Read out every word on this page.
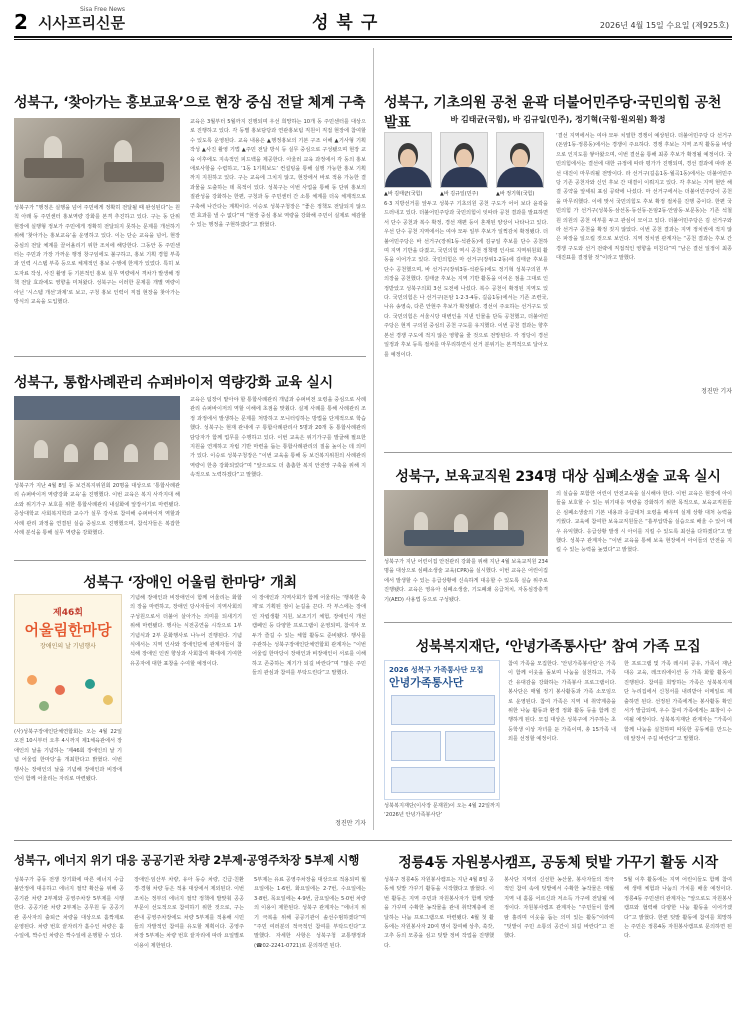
2 시사프리신문
Sisa Free News
성북구	2026년 4월 15일 수요일 (제925호)
성북구, ‘찾아가는 홍보교육’으로 현장 중심 전달 체계 구축
성북구가 “행정은 실행을 넘어 주민에게 정확히 전달될 때 완성된다”는 원칙 아래 동 주민센터 홍보역량 강화를 본격 추진하고 있다. 구는 동 단위 현장에 실행형 정보가 주민에게 정확히 전달되지 못하는 문제를 개선하기 위해 ‘찾아가는 홍보교육’을 운영하고 있다. 이는 단순 교육을 넘어, 현장 중심의 전달 체계를 끌어올리기 위한 조치에 해당한다. 그동안 동 주민센터는 주민과 가장 가까운 행정 창구임에도 불구하고, 홍보 기획 경험 부족과 인력 시스템 부족 등으로 체계적인 홍보 수행에 한계가 있었다. 특히 보도자료 작성, 사진 촬영 등 기본적인 홍보 실무 역량에서 격차가 발생해 정책 전달 효과에도 영향을 미쳐왔다. 성북구는 이러한 문제를 개별 역량이 아닌 ‘시스템 개선’과제’로 보고, 구청 홍보 인력이 직접 현장을 찾아가는 방식의 교육을 도입했다.
교육은 3월부터 5월까지 진행되며 우선 희망하는 10개 동 주민센터를 대상으로 진행하고 있다. 각 동별 홍보담당과 연관홍보팀 직원이 직접 현장에 참여할 수 있도록 운영된다. 교육 내용은 ▲행정홍보의 기본 구조 이해 ▲기사형 기획 작성 ▲사진 촬영 기법 ▲주민 전달 방식 등 실무 중심으로 구성됐으며 현장 교육 이후에도 지속적인 피드백을 제공한다. 아울러 교육 과정에서 각 동의 홍보 애로사항을 수렴하고, ‘1동 1기획보도’ 컨설팅을 통해 실행 가능한 홍보 기획까지 지원하고 있다. 구는 교육에 그치지 않고, 현장에서 바로 적용 가능한 결과물을 도출하는 데 목적이 있다. 성북구는 이번 사업을 통해 동 단위 홍보의 질관성을 강화하는 한편, 구청과 동 주민센터 간 소통 체계를 더욱 체계적으로 구축해 나간다는 계획이다. 이승로 성북구청장은 “좋은 정책도 전달되지 않으면 효과를 낼 수 없다”며 “현장 중심 홍보 역량을 강화해 주민이 실제로 체감할 수 있는 행정을 구현하겠다”고 밝혔다.
성북구, 통합사례관리 슈퍼바이저 역량강화 교육 실시
성북구가 지난 4월 8일 동 보건복지위원회 20명을 대상으로 ‘통합사례관리 슈퍼바이저 역량강화 교육’을 진행했다. 이번 교육은 복지 사각지대 해소와 위기가구 보호를 위한 통합사례관리 내실화에 앞장서기로 마련됐다. 증상대학교 사회복지학과 교수가 실무 강사로 참여해 슈퍼바이저 역할과 사례 관리 과정을 연결된 실습 중심으로 진행했으며, 참석자들은 복잡한 사례 분석을 통해 실무 역량을 강화했다.
교육은 팀장이 맡아야 할 통합사례관리 개념과 슈퍼비전 요령을 중심으로 사례관리 슈퍼바이저의 역할 이해에 초점을 맞췄다. 실제 사례를 통해 사례관리 조정 과정에서 발생하는 문제를 처방하고 모니터링하는 방법을 단계적으로 학습했다. 성북구는 현재 관내에 구 통합사례관리사 5명과 20개 동 통합사례관리 담당자가 함께 업무를 수행하고 있다. 이번 교육은 위기가구를 발굴해 필요한 지원을 연계하고 자립 기반 마련을 돕는 통합사례관리의 질을 높이는 데 의미가 있다. 이승로 성북구청장은 “이번 교육을 통해 동 보건복지위원의 사례관리 역량이 한층 강화되었다”며 “앞으로도 더 촘촘한 복지 안전망 구축을 위해 지속적으로 노력하겠다”고 말했다.
성북구 ‘장애인 어울림 한마당’ 개최
제46회
어울림한마당
장애인의 날 기념행사
(사)성북구장애인단체연합회는 오는 4월 22일 오전 10시부터 오후 4시까지 제1체육관에서 장애인의 날을 기념하는 ‘제46회 장애인의 날 기념 어울림 한마당’을 개최한다고 밝혔다. 이번 행사는 장애인의 날을 기념해 장애인과 비장애인이 함께 어울리는 자리로 마련됐다.
기념해 장애인과 비장애인이 함께 어울리는 화합의 장을 마련하고, 장애인 당사자들이 지역사회의 구성원으로서 더불어 살아가는 의미를 되새기기 위해 마련됐다. 행사는 식전공연을 시작으로 1부 기념식과 2부 문화행사로 나누어 진행된다. 기념식에서는 지역 인사와 장애인단체 관계자들이 참석해 장애인 인권 향상과 사회참여 확대에 기여한 유공자에 대한 표창을 수여할 예정이다.
이 장애인과 지역사회가 함께 어울리는 ‘행복한 축제’로 기획된 점이 눈길을 끈다. 각 부스에는 장애인 자립생활 지원, 보조기기 체험, 장애인식 개선 캠페인 등 다양한 프로그램이 운영되며, 참여자 모두가 즐길 수 있는 체험 활동도 준비됐다. 행사를 주관하는 성북구장애인단체연합회 관계자는 “이번 어울림 한마당이 장애인과 비장애인이 서로를 이해하고 존중하는 계기가 되길 바란다”며 “많은 주민들의 관심과 참여를 부탁드린다”고 말했다.
정진만 기자
성북구, 기초의원 공천 윤곽 더불어민주당·국민의힘 공천 발표	바 김태균(국힘), 바 김규일(민주), 정기혁(국힘·원외원) 확정
▲바 김태균(국힘)	▲바 김규일(민주)	▲바 정기혁(국힘)
6·3 지방선거를 앞두고 성북구 기초의원 공천 구도가 어어 보다 윤곽을 드러내고 있다. 더불어민주당과 국민의힘이 잇따라 공천 결과를 발표하면서 단수 공천과 복수 확정, 경선 재편 등이 혼재된 양상이 나타나고 있다. 우선 단수 공천 지역에서는 여야 모두 일부 후보가 일찍감치 확정됐다. 더불어민주당은 바 선거구(장위1동·석관동)에 김규일 후보를 단수 공천하며 지역 기반을 다졌고, 국민의힘 역시 공천 정책평 인사로 지역위원회 활동을 이어가고 있다. 국민의힘은 마 선거구(장위1·2동)에 김태균 후보를 단수 공천했으며, 바 선거구(장위3동·석관동)에도 정기혁 성북구의원 부의장을 공천했다. 김태균 후보는 지역 기반 활동을 이어온 점을 그대로 인정받았고 성북구의회 3선 도전에 나섰다. 복수 공천이 확정된 지역도 있다. 국민의힘은 나 선거구(돈암 1·2·3·4동, 길음1동)에서는 기존 조련국, 나유 송영숙, 다른 안현주 후보가 확정됐다. 경선이 주요하는 선거구도 있다. 국민의힘은 서울시당 대변인을 지낸 인물을 단독 공천했고, 더불어민주당은 현직 구의원 중심의 공천 구도를 유지했다. 이번 공천 결과는 향후 본선 경쟁 구도에 적지 않은 영향을 줄 것으로 전망된다. 각 정당이 경선 일정과 후보 등록 절차를 마무리하면서 선거 분위기는 본격적으로 달아오를 예정이다.
‘결선 지역에서는 여야 모두 치열한 경쟁이 예상된다. 더불어민주당 다 선거구(돈암1동·정릉동)에서는 경쟁이 주요하다. 경쟁 후보는 지역 조직 활동을 바탕으로 인지도를 쌓아왔으며, 이번 결선을 통해 최종 후보가 확정될 예정이다. 국민의힘에서는 결선에 대한 규정에 따라 평가가 진행되며, 경선 결과에 따라 본선 대진이 마무리될 전망이다. 라 선거구(길음1동·월곡1동)에서는 더불어민주당 기존 공천자와 신인 후보 간 대결이 이뤄지고 있다. 각 후보는 지역 현안 해결 공약을 앞세워 표심 공략에 나섰다. 마 선거구에서는 더불어민주당이 공천을 마무리했다. 이에 맞서 국민의힘도 후보 확정 절차를 진행 중이다. 한편 국민의힘 가 선거구(성북동·삼선동·동선동·돈암2동·안암동·보문동)는 기존 석철원 의원의 공천 여부를 두고 관심이 모이고 있다. 더불어민주당은 김 선거구와 라 선거구 공천을 확정 짓지 않았다. 이번 공천 결과는 지역 정치권에 적지 않은 파장을 일으킬 것으로 보인다. 지역 정치권 관계자는 “공천 결과는 후보 간 경쟁 구도와 선거 전략에 직접적인 영향을 미친다”며 “남은 결선 일정이 최종 대진표를 결정할 것”이라고 말했다.
정진만 기자
성북구, 보육교직원 234명 대상 심폐소생술 교육 실시
성북구가 지난 어린이집 안전관리 강화를 위해 지난 4월 보육교직원 234명을 대상으로 심폐소생술 교육(CPR)을 실시했다. 이번 교육은 어린이집에서 발생할 수 있는 응급상황에 신속하게 대응할 수 있도록 실습 위주로 진행됐다. 교육은 영유아 심폐소생술, 기도폐쇄 응급처치, 자동심장충격기(AED) 사용법 등으로 구성됐다.
의 실습을 포함한 어린이 안전교육을 실시해야 한다. 이번 교육은 현장에 아이들을 보호할 수 있는 위기대응 역량을 강화하기 위한 목적으로, 보육교직원들은 심폐소생술의 기본 내용과 응급대처 요령을 배우며 실제 상황 대처 능력을 키웠다. 교육에 참여한 보육교직원들은 “흉부압박을 실습으로 배울 수 있어 매우 유익했다. 응급상황 발생 시 아이를 지킬 수 있도록 최선을 다하겠다”고 말했다. 성북구 관계자는 “이번 교육을 통해 보육 현장에서 아이들의 안전을 지킬 수 있는 능력을 높였다”고 밝혔다.
성북복지재단, ‘안녕가족통사단’ 참여 가족 모집
2026 성북구 가족통사단 모집
안녕가족통사단
성북복지재단(이사장 문재원)이 오는 4월 22일까지 ‘2026년 안녕가족봉사단’
참여 가족을 모집한다. ‘안녕가족봉사단’은 가족이 함께 이웃을 돌보며 나눔을 실천하고, 가족 간 유대감을 강화하는 가족봉사 프로그램이다. 봉사단은 매월 정기 봉사활동과 가족 소모임으로 운영된다. 참여 가족은 지역 내 취약계층을 위한 나눔 활동과 환경 정화 활동 등을 함께 진행하게 된다. 모집 대상은 성북구에 거주하는 초등학생 이상 자녀를 둔 가족이며, 총 15가족 내외를 선정할 예정이다.
한 프로그램 및 가족 레시피 공유, 가족이 재난 대응 교육, 레크리에이션 등 가족 화합 활동이 진행된다. 참여를 희망하는 가족은 성북복지재단 누리집에서 신청서를 내려받아 이메일로 제출하면 된다. 선정된 가족에게는 봉사활동 확인서가 발급되며, 우수 참여 가족에게는 표창이 수여될 예정이다. 성북복지재단 관계자는 “가족이 함께 나눔을 실천하며 따뜻한 공동체를 만드는 데 앞장서 주길 바란다”고 말했다.
성북구, 에너지 위기 대응 공공기관 차량 2부제·공영주차장 5부제 시행
성북구가 중동 전쟁 장기화에 따른 에너지 수급 불안정에 대응하고 에너지 절약 확산을 위해 공공기관 차량 2부제와 공영주차장 5부제를 시행한다. 공공기관 차량 2부제는 공무원 등 공공기관 종사자의 출퇴근 차량을 대상으로 홀짝제로 운영된다. 차량 번호 끝자리가 홀수인 차량은 홀수일에, 짝수인 차량은 짝수일에 운행할 수 있다.
장애인·임산부 차량, 유아 동승 차량, 긴급·친환경·경형 차량 등은 적용 대상에서 제외된다. 이번 조치는 정부의 에너지 절약 정책에 발맞춰 공공부문이 선도적으로 참여하기 위한 것으로, 구는 관내 공영주차장에도 차량 5부제를 적용해 시민들의 자발적인 참여를 유도할 계획이다. 공영주차장 5부제는 차량 번호 끝자리에 따라 요일별로 이용이 제한된다.
5부제는 유료 공영주차장을 대상으로 적용되며 월요일에는 1·6번, 화요일에는 2·7번, 수요일에는 3·8번, 목요일에는 4·9번, 금요일에는 5·0번 차량의 이용이 제한된다. 성북구 관계자는 “에너지 위기 극복을 위해 공공기관이 솔선수범하겠다”며 “주민 여러분의 적극적인 참여를 부탁드린다”고 말했다. 자세한 사항은 성북구청 교통행정과(☎02-2241-0721)로 문의하면 된다.
정릉4동 자원봉사캠프, 공동체 텃밭 가꾸기 활동 시작
성북구 정릉4동 자원봉사캠프는 지난 4월 8일 공동체 텃밭 가꾸기 활동을 시작했다고 밝혔다. 이번 활동은 지역 주민과 자원봉사자가 함께 텃밭을 가꾸며 수확한 농작물을 관내 취약계층에 전달하는 나눔 프로그램으로 마련됐다. 4월 첫 활동에는 자원봉사자 20여 명이 참여해 상추, 쑥갓, 고추 등의 모종을 심고 텃밭 정비 작업을 진행했다.
봉사단 지역의 신선한 농산물, 봉사자들의 적극적인 참여 속에 텃밭에서 수확한 농작물은 매월 지역 내 홀몸 어르신과 저소득 가구에 전달될 예정이다. 자원봉사캠프 관계자는 “주민들이 함께 땀 흘리며 이웃을 돕는 의미 있는 활동”이라며 “텃밭이 주민 소통의 공간이 되길 바란다”고 전했다.
5월 이후 활동에는 지역 어린이들도 함께 참여해 생태 체험과 나눔의 가치를 배울 예정이다. 정릉4동 주민센터 관계자는 “앞으로도 자원봉사캠프와 협력해 다양한 나눔 활동을 이어가겠다”고 밝혔다. 한편 텃밭 활동에 참여를 희망하는 주민은 정릉4동 자원봉사캠프로 문의하면 된다.
